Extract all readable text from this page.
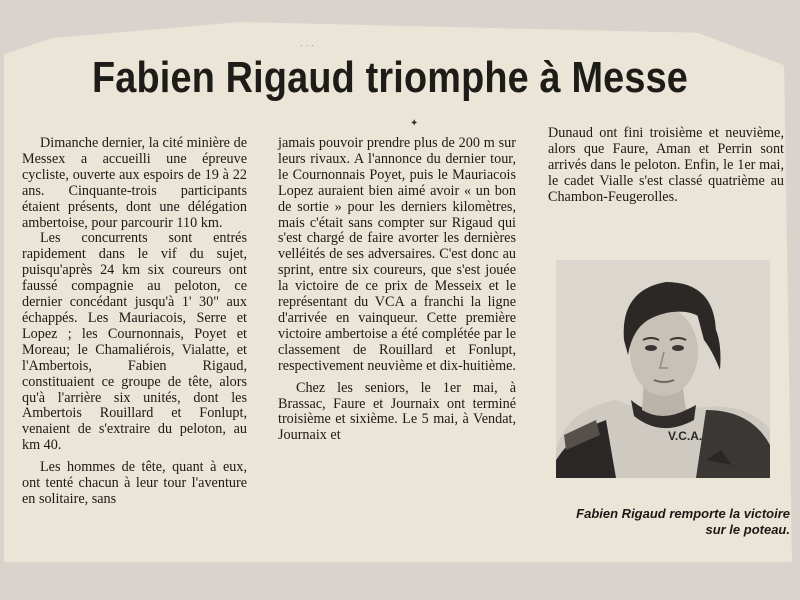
· · ·
Fabien Rigaud triomphe à Messe
✦

Dimanche dernier, la cité minière de Messex a accueilli une épreuve cycliste, ouverte aux espoirs de 19 à 22 ans. Cinquante-trois participants étaient présents, dont une délégation ambertoise, pour parcourir 110 km.

Les concurrents sont entrés rapidement dans le vif du sujet, puisqu'après 24 km six coureurs ont faussé compagnie au peloton, ce dernier concédant jusqu'à 1' 30" aux échappés. Les Mauriacois, Serre et Lopez ; les Cournonnais, Poyet et Moreau; le Chamaliérois, Vialatte, et l'Ambertois, Fabien Rigaud, constituaient ce groupe de tête, alors qu'à l'arrière six unités, dont les Ambertois Rouillard et Fonlupt, venaient de s'extraire du peloton, au km 40.

Les hommes de tête, quant à eux, ont tenté chacun à leur tour l'aventure en solitaire, sans

jamais pouvoir prendre plus de 200 m sur leurs rivaux. A l'annonce du dernier tour, le Cournonnais Poyet, puis le Mauriacois Lopez auraient bien aimé avoir « un bon de sortie » pour les derniers kilomètres, mais c'était sans compter sur Rigaud qui s'est chargé de faire avorter les dernières velléités de ses adversaires. C'est donc au sprint, entre six coureurs, que s'est jouée la victoire de ce prix de Messeix et le représentant du VCA a franchi la ligne d'arrivée en vainqueur. Cette première victoire ambertoise a été complétée par le classement de Rouillard et Fonlupt, respectivement neuvième et dix-huitième.

Chez les seniors, le 1er mai, à Brassac, Faure et Journaix ont terminé troisième et sixième. Le 5 mai, à Vendat, Journaix et

Dunaud ont fini troisième et neuvième, alors que Faure, Aman et Perrin sont arrivés dans le peloton. Enfin, le 1er mai, le cadet Vialle s'est classé quatrième au Chambon-Feugerolles.

V.C.A.
Fabien Rigaud remporte la victoire sur le poteau.
